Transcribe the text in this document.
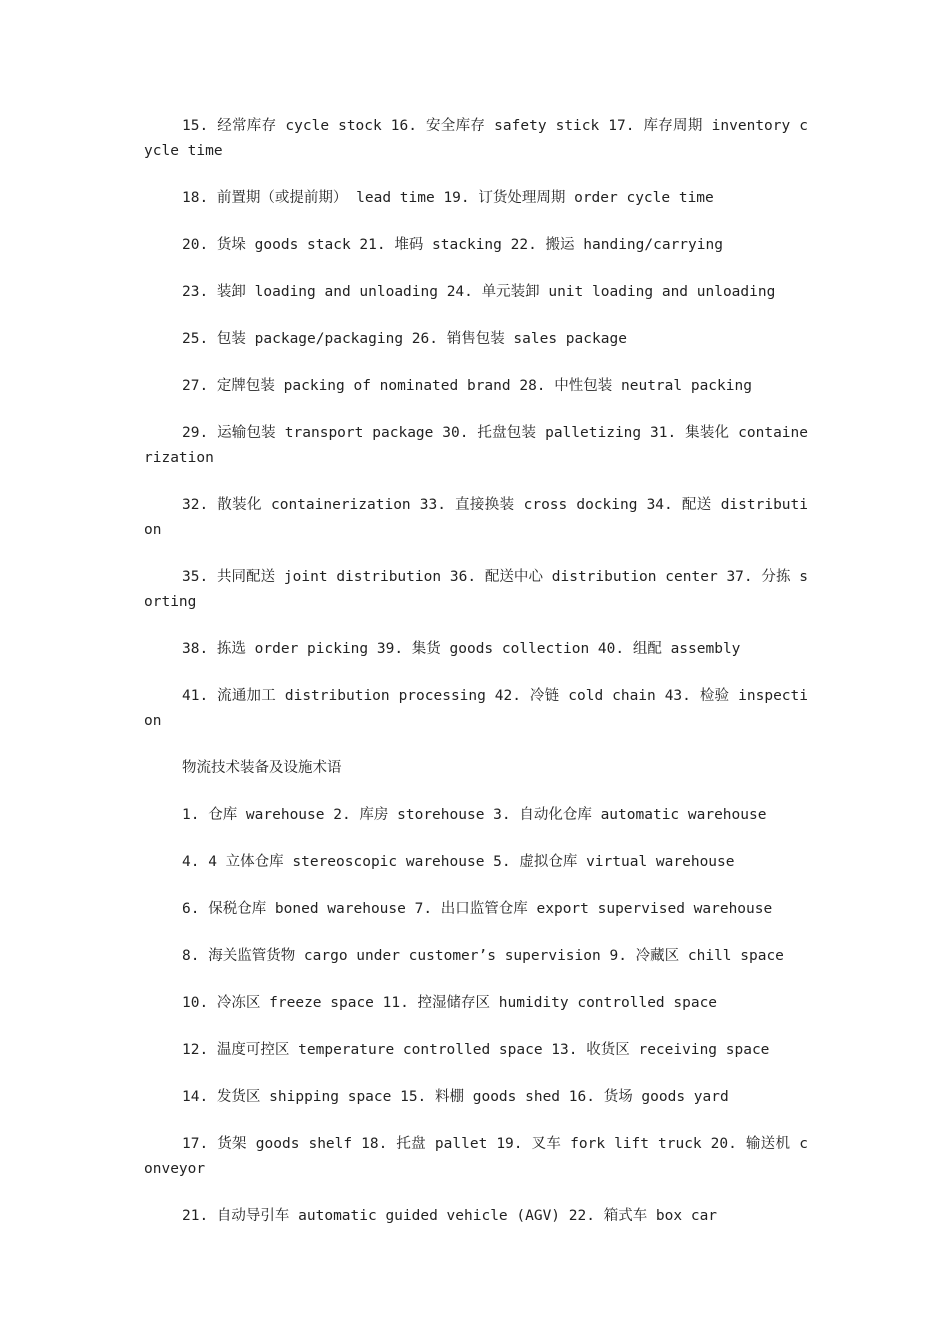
15. 经常库存 cycle stock 16. 安全库存 safety stick 17. 库存周期 inventory cycle time

18. 前置期（或提前期） lead time 19. 订货处理周期 order cycle time

20. 货垛 goods stack 21. 堆码 stacking 22. 搬运 handing/carrying

23. 装卸 loading and unloading 24. 单元装卸 unit loading and unloading

25. 包装 package/packaging 26. 销售包装 sales package

27. 定牌包装 packing of nominated brand 28. 中性包装 neutral packing

29. 运输包装 transport package 30. 托盘包装 palletizing 31. 集装化 containerization

32. 散装化 containerization 33. 直接换装 cross docking 34. 配送 distribution

35. 共同配送 joint distribution 36. 配送中心 distribution center 37. 分拣 sorting

38. 拣选 order picking 39. 集货 goods collection 40. 组配 assembly

41. 流通加工 distribution processing 42. 冷链 cold chain 43. 检验 inspection

物流技术装备及设施术语

1. 仓库 warehouse 2. 库房 storehouse 3. 自动化仓库 automatic warehouse

4. 4 立体仓库 stereoscopic warehouse 5. 虚拟仓库 virtual warehouse

6. 保税仓库 boned warehouse 7. 出口监管仓库 export supervised warehouse

8. 海关监管货物 cargo under customer’s supervision 9. 冷藏区 chill space

10. 冷冻区 freeze space 11. 控湿储存区 humidity controlled space

12. 温度可控区 temperature controlled space 13. 收货区 receiving space

14. 发货区 shipping space 15. 料棚 goods shed 16. 货场 goods yard

17. 货架 goods shelf 18. 托盘 pallet 19. 叉车 fork lift truck 20. 输送机 conveyor

21. 自动导引车 automatic guided vehicle (AGV) 22. 箱式车 box car
